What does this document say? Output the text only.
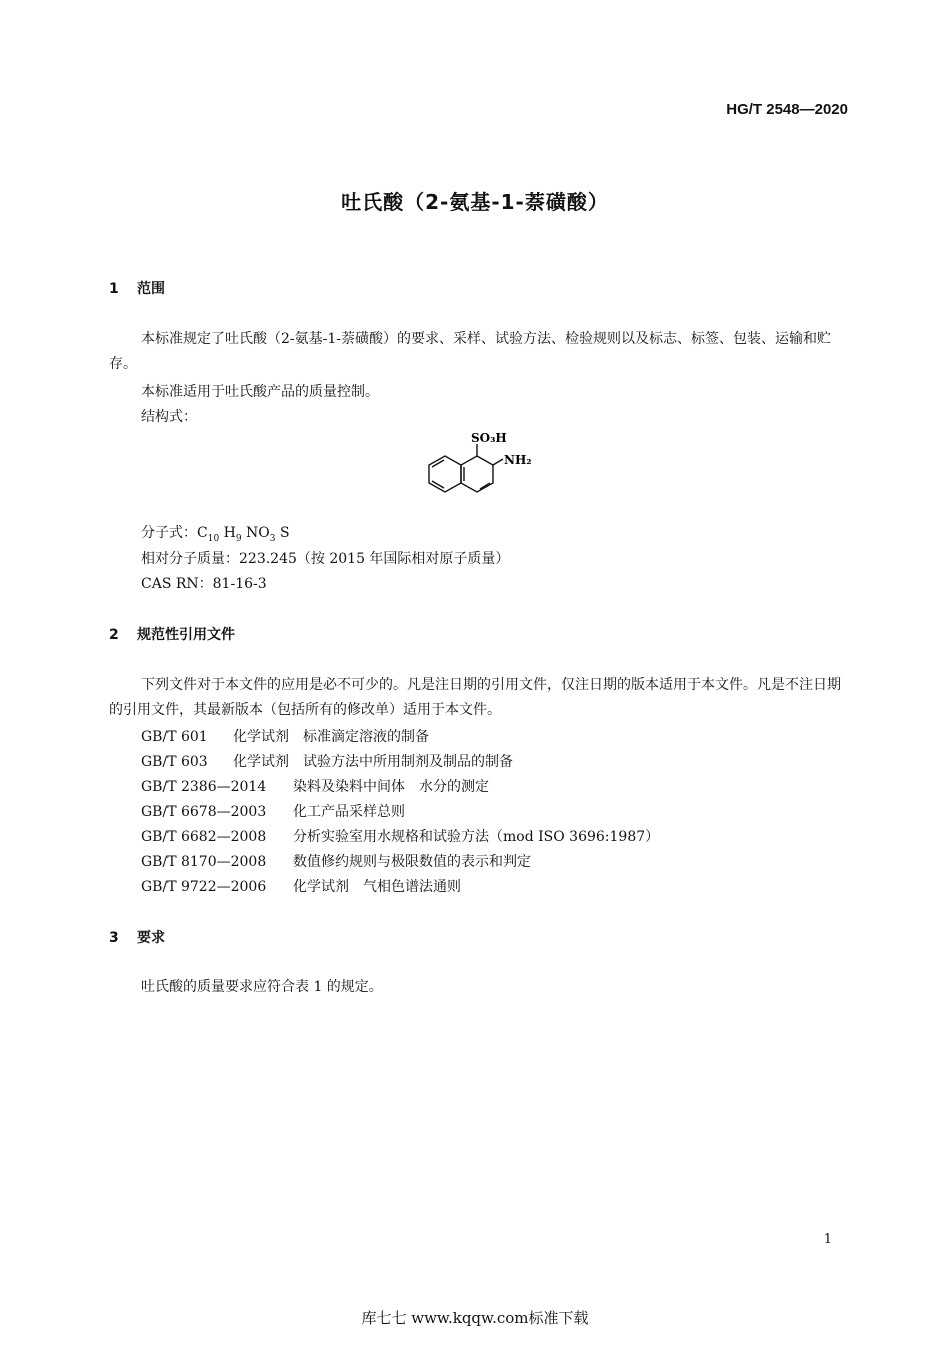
HG/T 2548—2020
吐氏酸（2-氨基-1-萘磺酸）
1 范围
本标准规定了吐氏酸（2-氨基-1-萘磺酸）的要求、采样、试验方法、检验规则以及标志、标签、包装、运输和贮存。
本标准适用于吐氏酸产品的质量控制。
结构式：
SO₃H
NH₂
分子式：$C_{10}$ $H_9$ $NO_3$ S
相对分子质量：223.245（按 2015 年国际相对原子质量）
CAS RN：81-16-3
2 规范性引用文件
下列文件对于本文件的应用是必不可少的。凡是注日期的引用文件，仅注日期的版本适用于本文件。凡是不注日期的引用文件，其最新版本（包括所有的修改单）适用于本文件。
GB/T 601 化学试剂　标准滴定溶液的制备
GB/T 603 化学试剂　试验方法中所用制剂及制品的制备
GB/T 2386—2014 染料及染料中间体　水分的测定
GB/T 6678—2003 化工产品采样总则
GB/T 6682—2008 分析实验室用水规格和试验方法（mod ISO 3696:1987）
GB/T 8170—2008 数值修约规则与极限数值的表示和判定
GB/T 9722—2006 化学试剂　气相色谱法通则
3 要求
吐氏酸的质量要求应符合表 1 的规定。
1
库七七 www.kqqw.com标准下载
